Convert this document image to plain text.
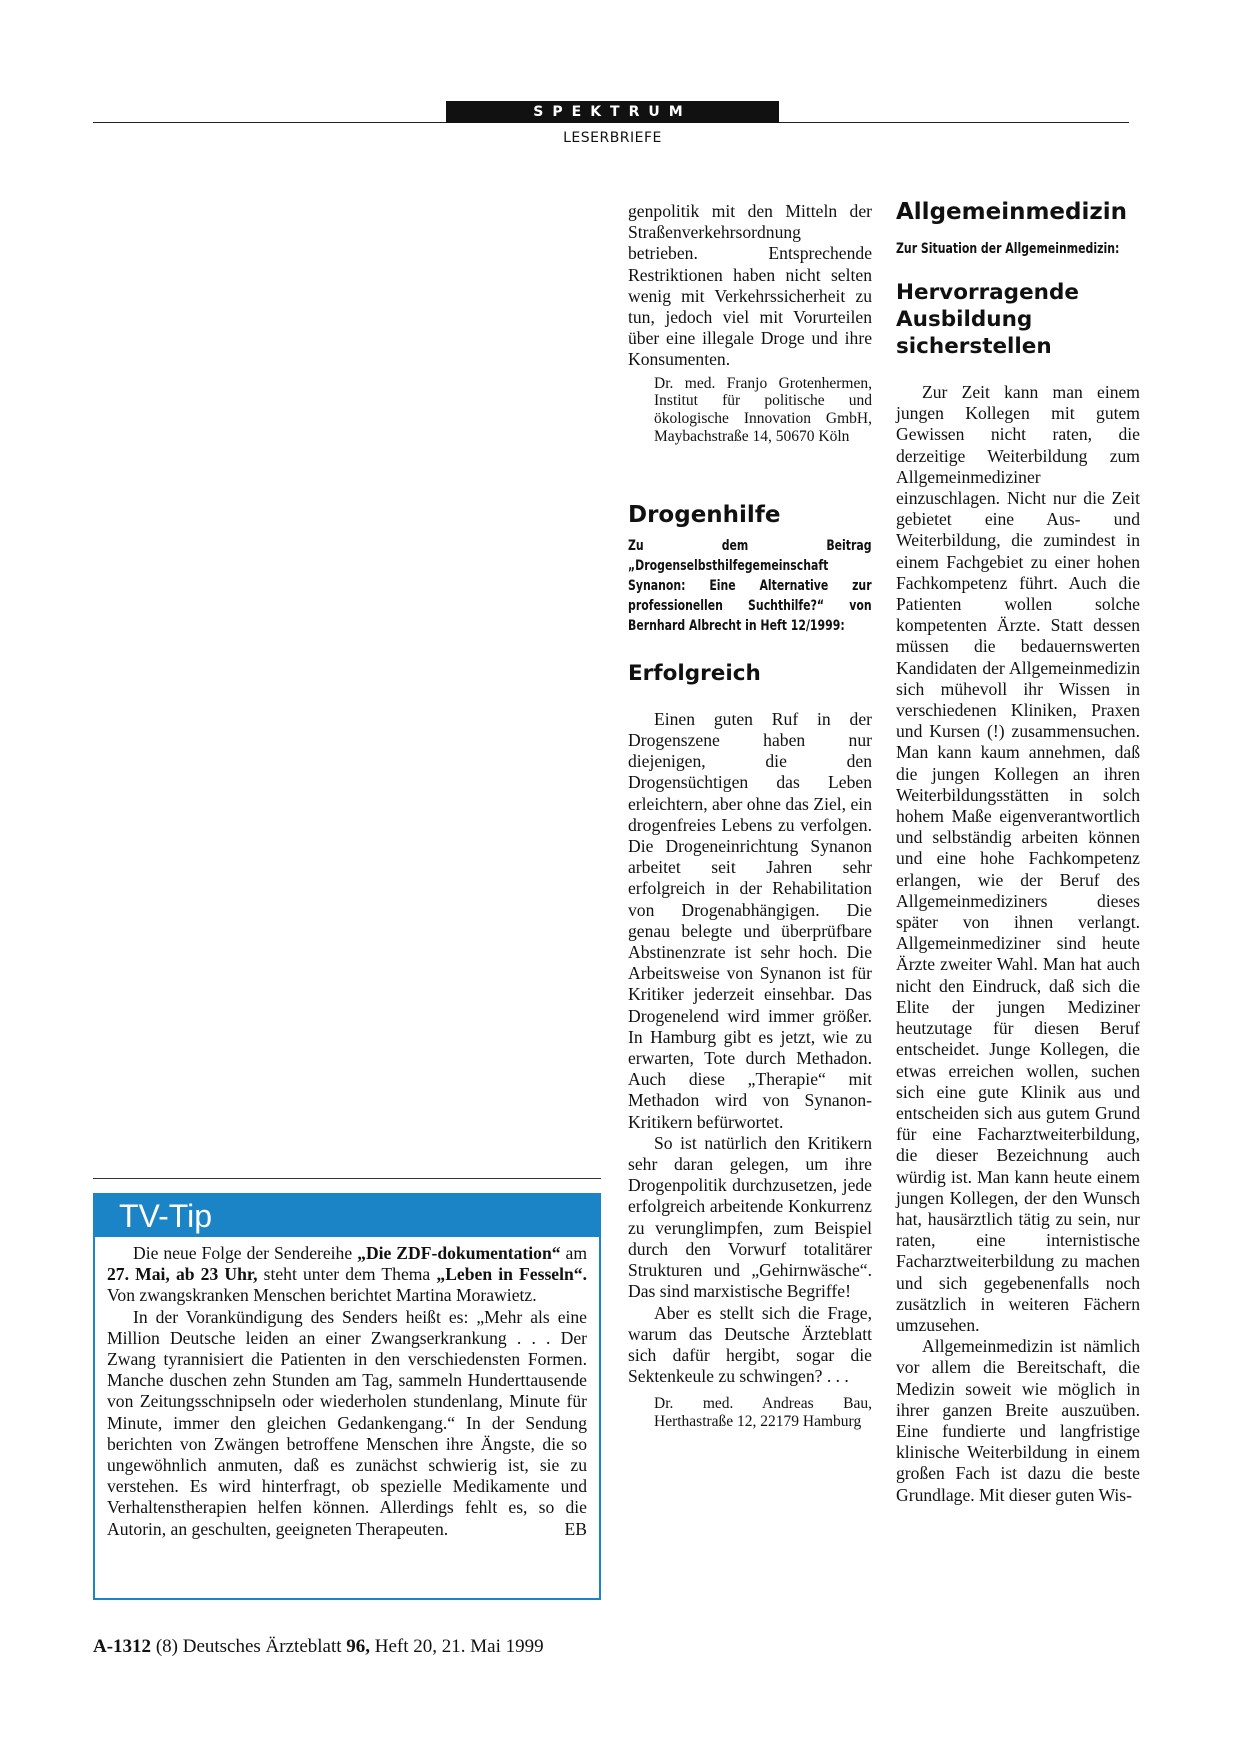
SPEKTRUM
LESERBRIEFE

genpolitik mit den Mitteln der Straßenverkehrsordnung betrieben. Entsprechende Restriktionen haben nicht selten wenig mit Verkehrssicherheit zu tun, jedoch viel mit Vorurteilen über eine illegale Droge und ihre Konsumenten.

Dr. med. Franjo Grotenhermen, Institut für politische und ökologische Innovation GmbH, Maybachstraße 14, 50670 Köln

Drogenhilfe

Zu dem Beitrag „Drogenselbsthilfegemeinschaft Synanon: Eine Alternative zur professionellen Suchthilfe?“ von Bernhard Albrecht in Heft 12/1999:

Erfolgreich

Einen guten Ruf in der Drogenszene haben nur diejenigen, die den Drogensüchtigen das Leben erleichtern, aber ohne das Ziel, ein drogenfreies Lebens zu verfolgen. Die Drogeneinrichtung Synanon arbeitet seit Jahren sehr erfolgreich in der Rehabilitation von Drogenabhängigen. Die genau belegte und überprüfbare Abstinenzrate ist sehr hoch. Die Arbeitsweise von Synanon ist für Kritiker jederzeit einsehbar. Das Drogenelend wird immer größer. In Hamburg gibt es jetzt, wie zu erwarten, Tote durch Methadon. Auch diese „Therapie“ mit Methadon wird von Synanon-Kritikern befürwortet.

So ist natürlich den Kritikern sehr daran gelegen, um ihre Drogenpolitik durchzusetzen, jede erfolgreich arbeitende Konkurrenz zu verunglimpfen, zum Beispiel durch den Vorwurf totalitärer Strukturen und „Gehirnwäsche“. Das sind marxistische Begriffe!

Aber es stellt sich die Frage, warum das Deutsche Ärzteblatt sich dafür hergibt, sogar die Sektenkeule zu schwingen? . . .

Dr. med. Andreas Bau, Herthastraße 12, 22179 Hamburg

Allgemeinmedizin

Zur Situation der Allgemeinmedizin:

Hervorragende Ausbildung sicherstellen

Zur Zeit kann man einem jungen Kollegen mit gutem Gewissen nicht raten, die derzeitige Weiterbildung zum Allgemeinmediziner einzuschlagen. Nicht nur die Zeit gebietet eine Aus- und Weiterbildung, die zumindest in einem Fachgebiet zu einer hohen Fachkompetenz führt. Auch die Patienten wollen solche kompetenten Ärzte. Statt dessen müssen die bedauernswerten Kandidaten der Allgemeinmedizin sich mühevoll ihr Wissen in verschiedenen Kliniken, Praxen und Kursen (!) zusammensuchen. Man kann kaum annehmen, daß die jungen Kollegen an ihren Weiterbildungsstätten in solch hohem Maße eigenverantwortlich und selbständig arbeiten können und eine hohe Fachkompetenz erlangen, wie der Beruf des Allgemeinmediziners dieses später von ihnen verlangt. Allgemeinmediziner sind heute Ärzte zweiter Wahl. Man hat auch nicht den Eindruck, daß sich die Elite der jungen Mediziner heutzutage für diesen Beruf entscheidet. Junge Kollegen, die etwas erreichen wollen, suchen sich eine gute Klinik aus und entscheiden sich aus gutem Grund für eine Facharztweiterbildung, die dieser Bezeichnung auch würdig ist. Man kann heute einem jungen Kollegen, der den Wunsch hat, hausärztlich tätig zu sein, nur raten, eine internistische Facharztweiterbildung zu machen und sich gegebenenfalls noch zusätzlich in weiteren Fächern umzusehen.

Allgemeinmedizin ist nämlich vor allem die Bereitschaft, die Medizin soweit wie möglich in ihrer ganzen Breite auszuüben. Eine fundierte und langfristige klinische Weiterbildung in einem großen Fach ist dazu die beste Grundlage. Mit dieser guten Wis-

TV-Tip

Die neue Folge der Sendereihe „Die ZDF-dokumentation“ am 27. Mai, ab 23 Uhr, steht unter dem Thema „Leben in Fesseln“. Von zwangskranken Menschen berichtet Martina Morawietz.

In der Vorankündigung des Senders heißt es: „Mehr als eine Million Deutsche leiden an einer Zwangserkrankung . . . Der Zwang tyrannisiert die Patienten in den verschiedensten Formen. Manche duschen zehn Stunden am Tag, sammeln Hunderttausende von Zeitungsschnipseln oder wiederholen stundenlang, Minute für Minute, immer den gleichen Gedankengang.“ In der Sendung berichten von Zwängen betroffene Menschen ihre Ängste, die so ungewöhnlich anmuten, daß es zunächst schwierig ist, sie zu verstehen. Es wird hinterfragt, ob spezielle Medikamente und Verhaltenstherapien helfen können. Allerdings fehlt es, so die Autorin, an geschulten, geeigneten Therapeuten.	EB

A-1312 (8) Deutsches Ärzteblatt 96, Heft 20, 21. Mai 1999
